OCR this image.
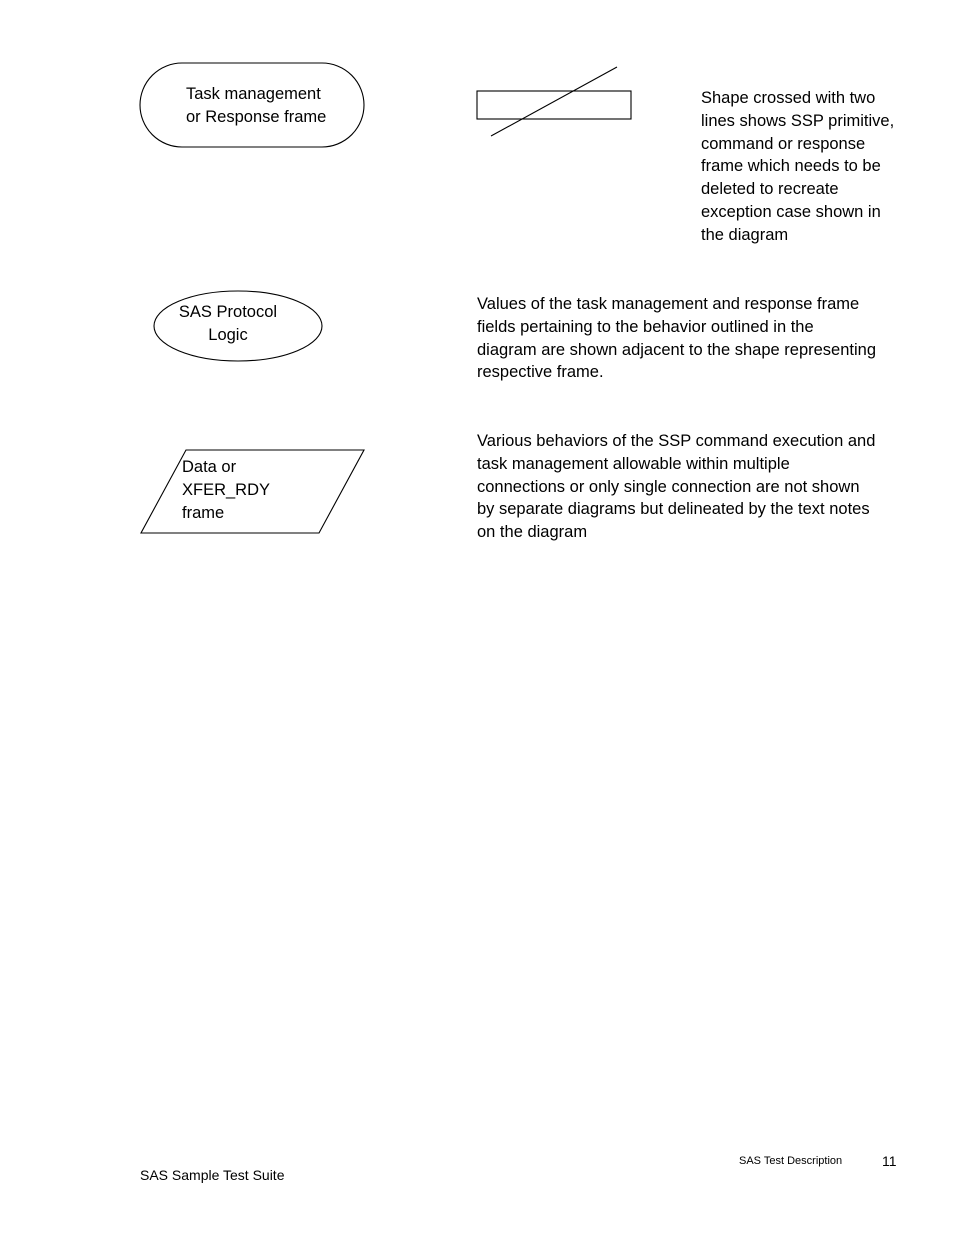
Task management
or Response frame
SAS Protocol
Logic
Data or
XFER_RDY
frame
Shape crossed with two
lines shows SSP primitive,
command or response
frame which needs to be
deleted to recreate
exception case shown in
the diagram
Values of the task management and response frame
fields pertaining to the behavior outlined in the
diagram are shown adjacent to the shape representing
respective frame.
Various behaviors of the SSP command execution and
task management allowable within multiple
connections or only single connection are not shown
by separate diagrams but delineated by the text notes
on the diagram
SAS Sample Test Suite
SAS Test Description	11
